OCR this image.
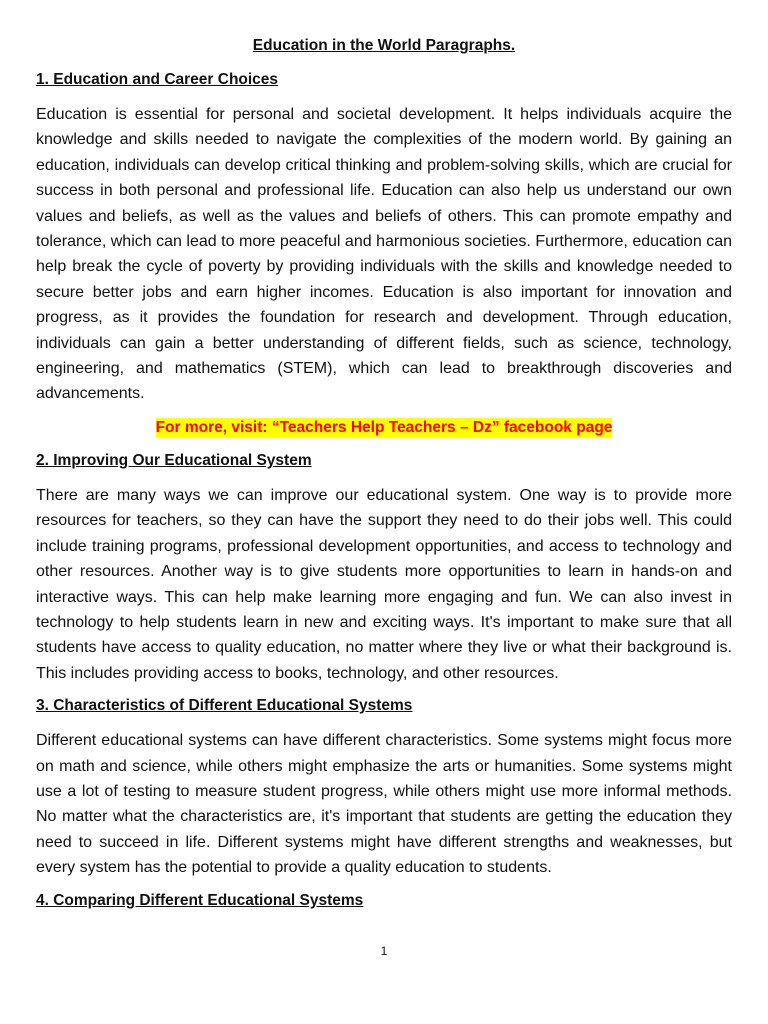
Education in the World Paragraphs.
1. Education and Career Choices

Education is essential for personal and societal development. It helps individuals acquire the knowledge and skills needed to navigate the complexities of the modern world. By gaining an education, individuals can develop critical thinking and problem-solving skills, which are crucial for success in both personal and professional life. Education can also help us understand our own values and beliefs, as well as the values and beliefs of others. This can promote empathy and tolerance, which can lead to more peaceful and harmonious societies. Furthermore, education can help break the cycle of poverty by providing individuals with the skills and knowledge needed to secure better jobs and earn higher incomes. Education is also important for innovation and progress, as it provides the foundation for research and development. Through education, individuals can gain a better understanding of different fields, such as science, technology, engineering, and mathematics (STEM), which can lead to breakthrough discoveries and advancements.

For more, visit: “Teachers Help Teachers – Dz” facebook page
2. Improving Our Educational System

There are many ways we can improve our educational system. One way is to provide more resources for teachers, so they can have the support they need to do their jobs well. This could include training programs, professional development opportunities, and access to technology and other resources. Another way is to give students more opportunities to learn in hands-on and interactive ways. This can help make learning more engaging and fun. We can also invest in technology to help students learn in new and exciting ways. It's important to make sure that all students have access to quality education, no matter where they live or what their background is. This includes providing access to books, technology, and other resources.

3. Characteristics of Different Educational Systems

Different educational systems can have different characteristics. Some systems might focus more on math and science, while others might emphasize the arts or humanities. Some systems might use a lot of testing to measure student progress, while others might use more informal methods. No matter what the characteristics are, it's important that students are getting the education they need to succeed in life. Different systems might have different strengths and weaknesses, but every system has the potential to provide a quality education to students.

4. Comparing Different Educational Systems
1
